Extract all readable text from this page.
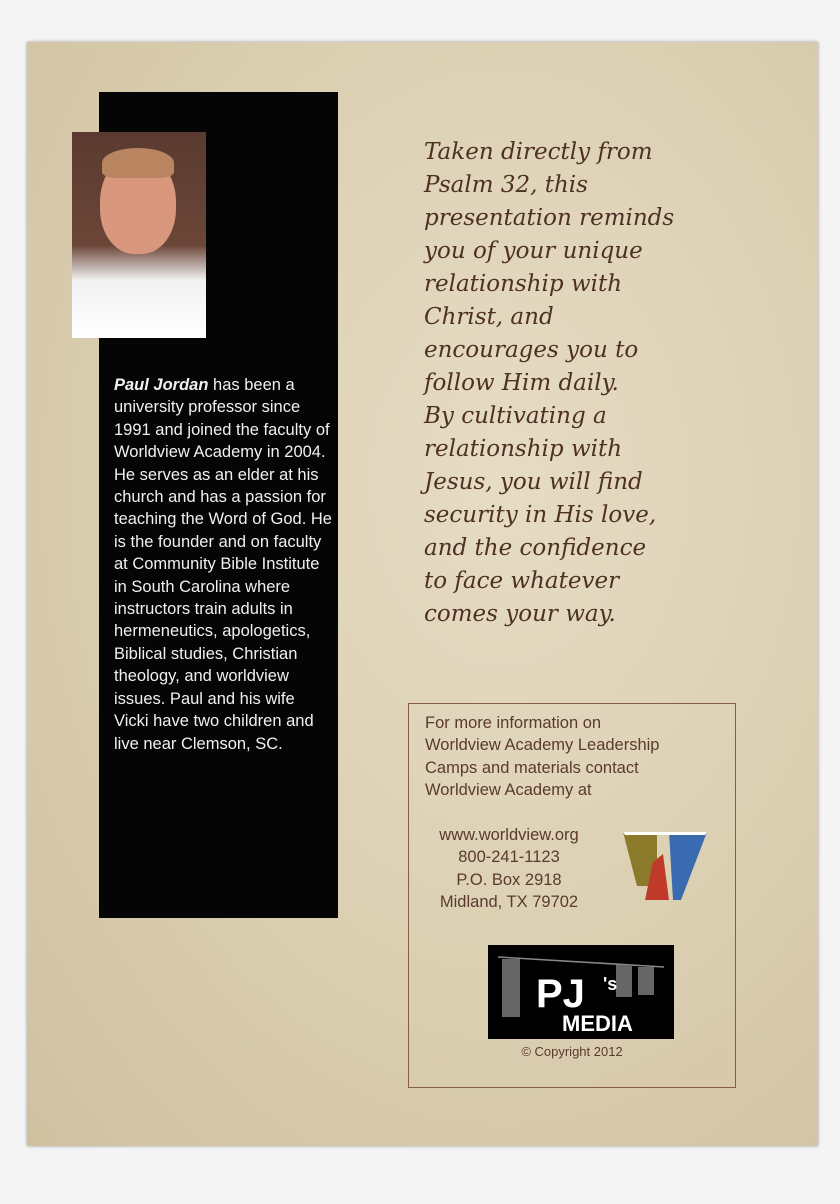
Paul Jordan has been a university professor since 1991 and joined the faculty of Worldview Academy in 2004. He serves as an elder at his church and has a passion for teaching the Word of God. He is the founder and on faculty at Community Bible Institute in South Carolina where instructors train adults in hermeneutics, apologetics, Biblical studies, Christian theology, and worldview issues. Paul and his wife Vicki have two children and live near Clemson, SC.
Taken directly from
Psalm 32, this
presentation reminds
you of your unique
relationship with
Christ, and
encourages you to
follow Him daily.
By cultivating a
relationship with
Jesus, you will find
security in His love,
and the confidence
to face whatever
comes your way.
For more information on
Worldview Academy Leadership
Camps and materials contact
Worldview Academy at
www.worldview.org
800-241-1123
P.O. Box 2918
Midland, TX 79702
PJ 's
MEDIA
© Copyright 2012
